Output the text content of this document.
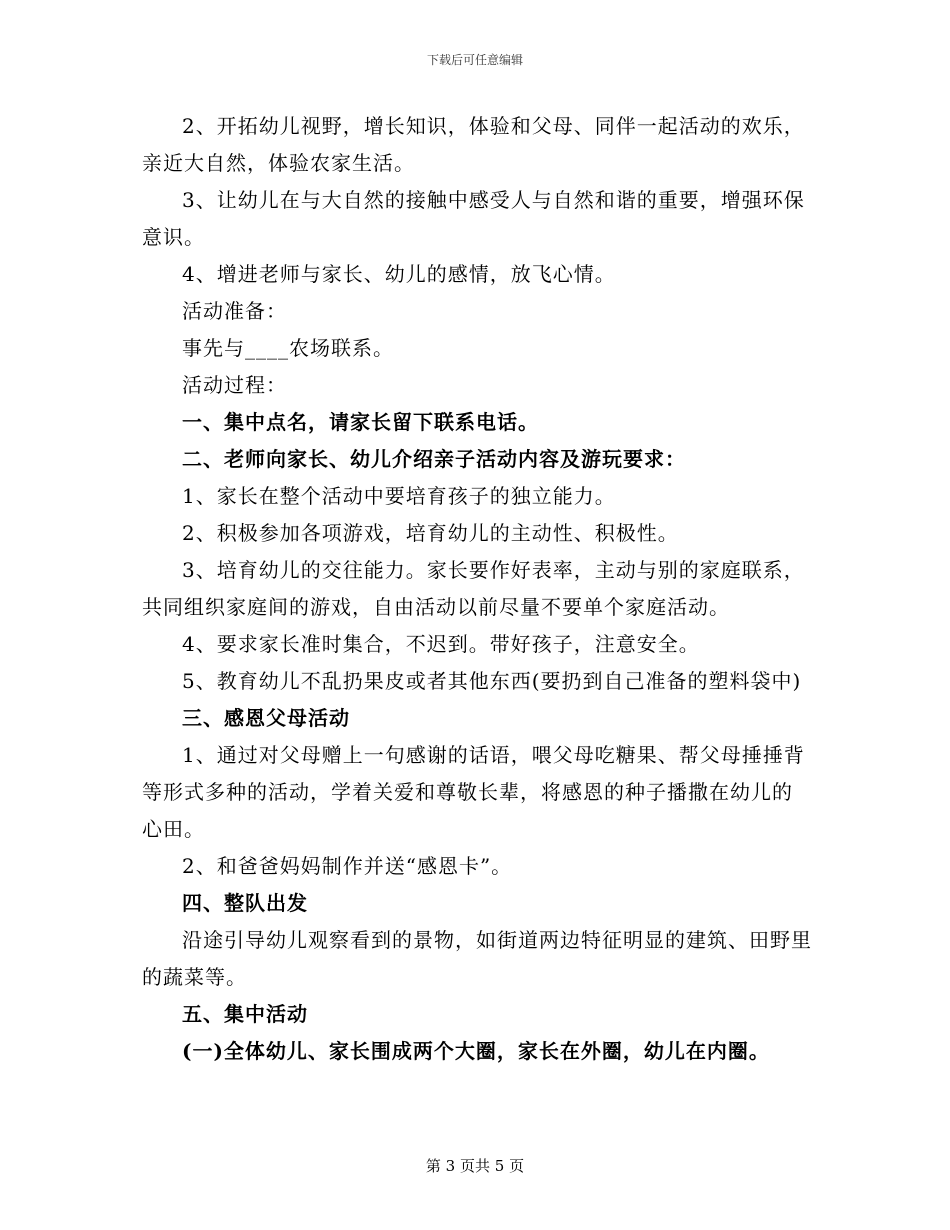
下载后可任意编辑

2、开拓幼儿视野，增长知识，体验和父母、同伴一起活动的欢乐，亲近大自然，体验农家生活。

3、让幼儿在与大自然的接触中感受人与自然和谐的重要，增强环保意识。

4、增进老师与家长、幼儿的感情，放飞心情。

活动准备：

事先与____农场联系。

活动过程：

一、集中点名，请家长留下联系电话。

二、老师向家长、幼儿介绍亲子活动内容及游玩要求：

1、家长在整个活动中要培育孩子的独立能力。

2、积极参加各项游戏，培育幼儿的主动性、积极性。

3、培育幼儿的交往能力。家长要作好表率，主动与别的家庭联系，共同组织家庭间的游戏，自由活动以前尽量不要单个家庭活动。

4、要求家长准时集合，不迟到。带好孩子，注意安全。

5、教育幼儿不乱扔果皮或者其他东西(要扔到自己准备的塑料袋中)

三、感恩父母活动

1、通过对父母赠上一句感谢的话语，喂父母吃糖果、帮父母捶捶背等形式多种的活动，学着关爱和尊敬长辈，将感恩的种子播撒在幼儿的心田。

2、和爸爸妈妈制作并送“感恩卡”。

四、整队出发

沿途引导幼儿观察看到的景物，如街道两边特征明显的建筑、田野里的蔬菜等。

五、集中活动

(一)全体幼儿、家长围成两个大圈，家长在外圈，幼儿在内圈。

第 3 页共 5 页
